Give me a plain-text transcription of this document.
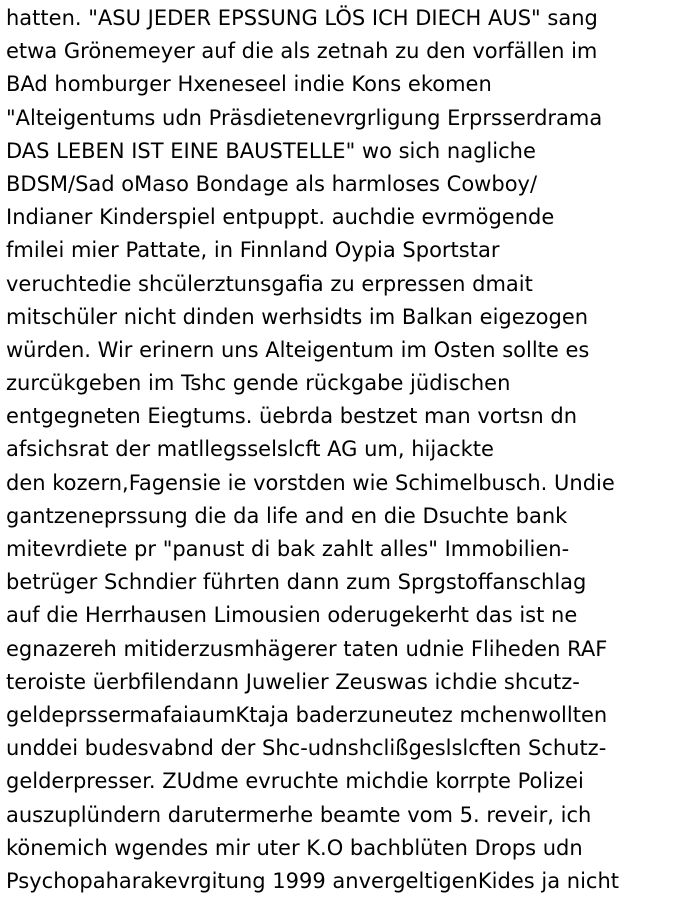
hatten. "ASU JEDER EPSSUNG LÖS ICH DIECH AUS" sang
etwa Grönemeyer auf die als zetnah zu den vorfällen im
BAd homburger Hxeneseel indie Kons ekomen
"Alteigentums udn Präsdietenevrgrligung Erprsserdrama
DAS LEBEN IST EINE BAUSTELLE" wo sich nagliche
BDSM/Sad oMaso Bondage als harmloses Cowboy/
Indianer Kinderspiel entpuppt. auchdie evrmögende
fmilei mier Pattate, in Finnland Oypia Sportstar
veruchtedie shcülerztunsgafia zu erpressen dmait
mitschüler nicht dinden werhsidts im Balkan eigezogen
würden. Wir erinern uns Alteigentum im Osten sollte es
zurcükgeben im Tshc gende rückgabe jüdischen
entgegneten Eiegtums. üebrda bestzet man vortsn dn
afsichsrat der matllegsselslcft AG um, hijackte
den kozern,Fagensie ie vorstden wie Schimelbusch. Undie
gantzeneprssung die da life and en die Dsuchte bank
mitevrdiete pr "panust di bak zahlt alles" Immobilien-
betrüger Schndier führten dann zum Sprgstoffanschlag
auf die Herrhausen Limousien oderugekerht das ist ne
egnazereh mitiderzusmhägerer taten udnie Fliheden RAF
teroiste üerbfilendann Juwelier Zeuswas ichdie shcutz-
geldeprssermafaiaumKtaja baderzuneutez mchenwollten
unddei budesvabnd der Shc-udnshclißgeslslcften Schutz-
gelderpresser. ZUdme evruchte michdie korrpte Polizei
auszuplündern darutermerhe beamte vom 5. reveir, ich
könemich wgendes mir uter K.O bachblüten Drops udn
Psychopaharakevrgitung 1999 anvergeltigenKides ja nicht
